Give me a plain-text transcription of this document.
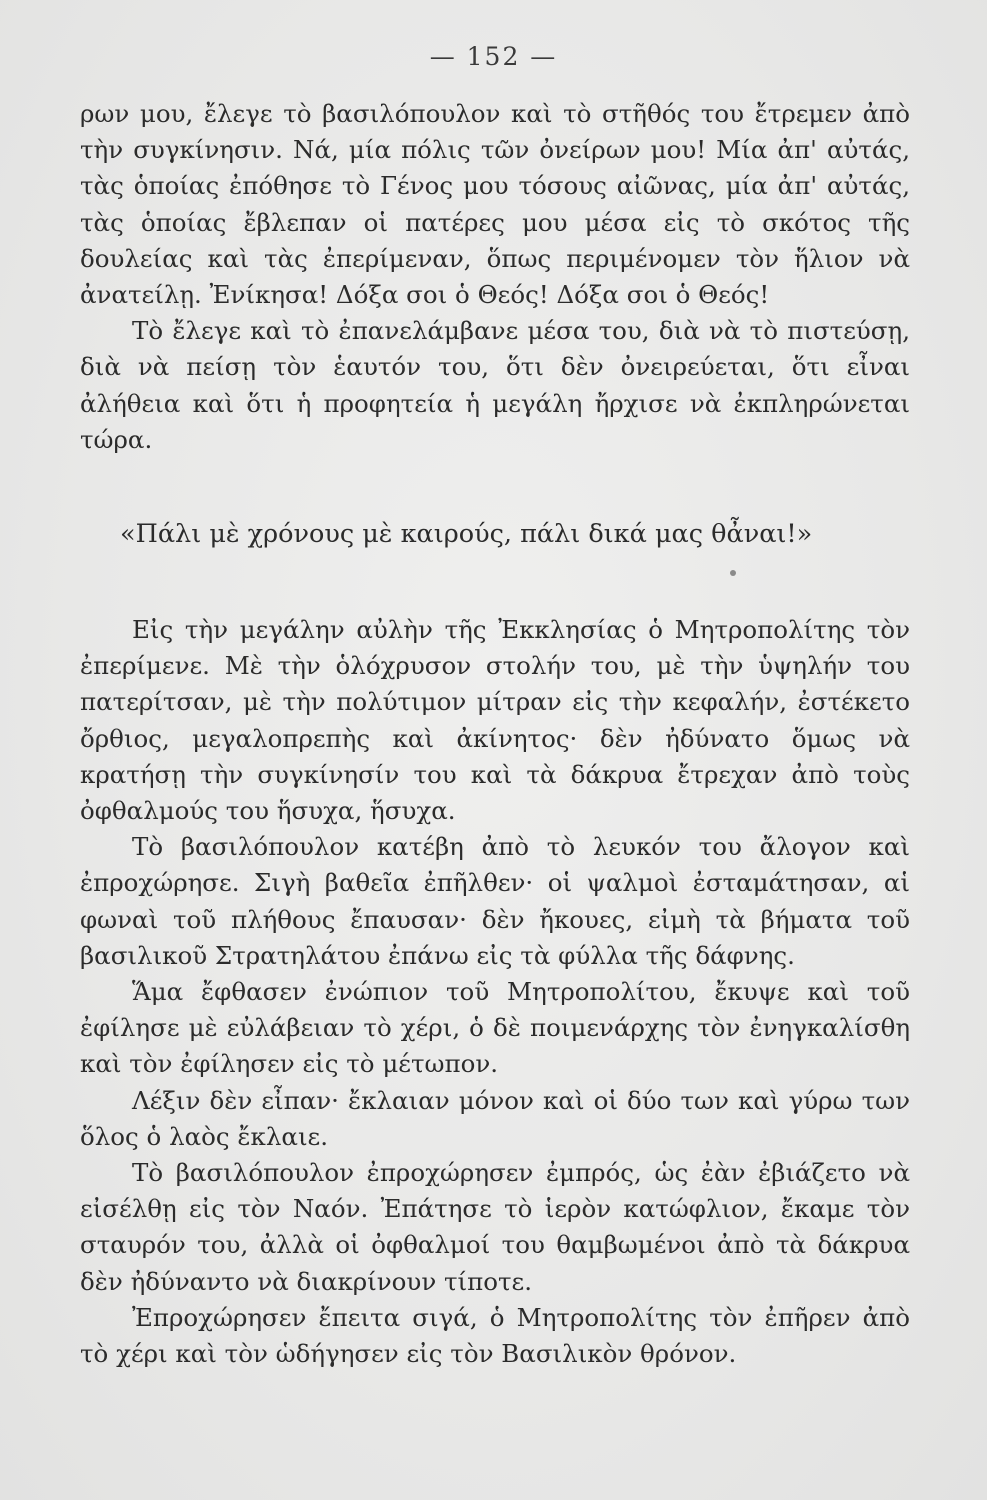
— 152 —

ρων μου, ἔλεγε τὸ βασιλόπουλον καὶ τὸ στῆθός του ἔτρεμεν ἀπὸ τὴν συγκίνησιν. Νά, μία πόλις τῶν ὀνείρων μου! Μία ἀπ' αὐτάς, τὰς ὁποίας ἐπόθησε τὸ Γένος μου τόσους αἰῶνας, μία ἀπ' αὐτάς, τὰς ὁποίας ἔβλεπαν οἱ πατέρες μου μέσα εἰς τὸ σκότος τῆς δουλείας καὶ τὰς ἐπερίμεναν, ὅπως περιμένομεν τὸν ἥλιον νὰ ἀνατείλῃ. Ἐνίκησα! Δόξα σοι ὁ Θεός! Δόξα σοι ὁ Θεός!

Τὸ ἔλεγε καὶ τὸ ἐπανελάμβανε μέσα του, διὰ νὰ τὸ πιστεύσῃ, διὰ νὰ πείσῃ τὸν ἑαυτόν του, ὅτι δὲν ὀνειρεύεται, ὅτι εἶναι ἀλήθεια καὶ ὅτι ἡ προφητεία ἡ μεγάλη ἤρχισε νὰ ἐκπληρώνεται τώρα.

«Πάλι μὲ χρόνους μὲ καιρούς, πάλι δικά μας θἆναι!»

Εἰς τὴν μεγάλην αὐλὴν τῆς Ἐκκλησίας ὁ Μητροπολίτης τὸν ἐπερίμενε. Μὲ τὴν ὁλόχρυσον στολήν του, μὲ τὴν ὑψηλήν του πατερίτσαν, μὲ τὴν πολύτιμον μίτραν εἰς τὴν κεφαλήν, ἐστέκετο ὄρθιος, μεγαλοπρεπὴς καὶ ἀκίνητος· δὲν ἠδύνατο ὅμως νὰ κρατήσῃ τὴν συγκίνησίν του καὶ τὰ δάκρυα ἔτρεχαν ἀπὸ τοὺς ὀφθαλμούς του ἥσυχα, ἥσυχα.

Τὸ βασιλόπουλον κατέβη ἀπὸ τὸ λευκόν του ἄλογον καὶ ἐπροχώρησε. Σιγὴ βαθεῖα ἐπῆλθεν· οἱ ψαλμοὶ ἐσταμάτησαν, αἱ φωναὶ τοῦ πλήθους ἔπαυσαν· δὲν ἤκουες, εἰμὴ τὰ βήματα τοῦ βασιλικοῦ Στρατηλάτου ἐπάνω εἰς τὰ φύλλα τῆς δάφνης.

Ἅμα ἔφθασεν ἐνώπιον τοῦ Μητροπολίτου, ἔκυψε καὶ τοῦ ἐφίλησε μὲ εὐλάβειαν τὸ χέρι, ὁ δὲ ποιμενάρχης τὸν ἐνηγκαλίσθη καὶ τὸν ἐφίλησεν εἰς τὸ μέτωπον.

Λέξιν δὲν εἶπαν· ἔκλαιαν μόνον καὶ οἱ δύο των καὶ γύρω των ὅλος ὁ λαὸς ἔκλαιε.

Τὸ βασιλόπουλον ἐπροχώρησεν ἐμπρός, ὡς ἐὰν ἐβιάζετο νὰ εἰσέλθῃ εἰς τὸν Ναόν. Ἐπάτησε τὸ ἱερὸν κατώφλιον, ἔκαμε τὸν σταυρόν του, ἀλλὰ οἱ ὀφθαλμοί του θαμβωμένοι ἀπὸ τὰ δάκρυα δὲν ἠδύναντο νὰ διακρίνουν τίποτε.

Ἐπροχώρησεν ἔπειτα σιγά, ὁ Μητροπολίτης τὸν ἐπῆρεν ἀπὸ τὸ χέρι καὶ τὸν ὡδήγησεν εἰς τὸν Βασιλικὸν θρόνον.
